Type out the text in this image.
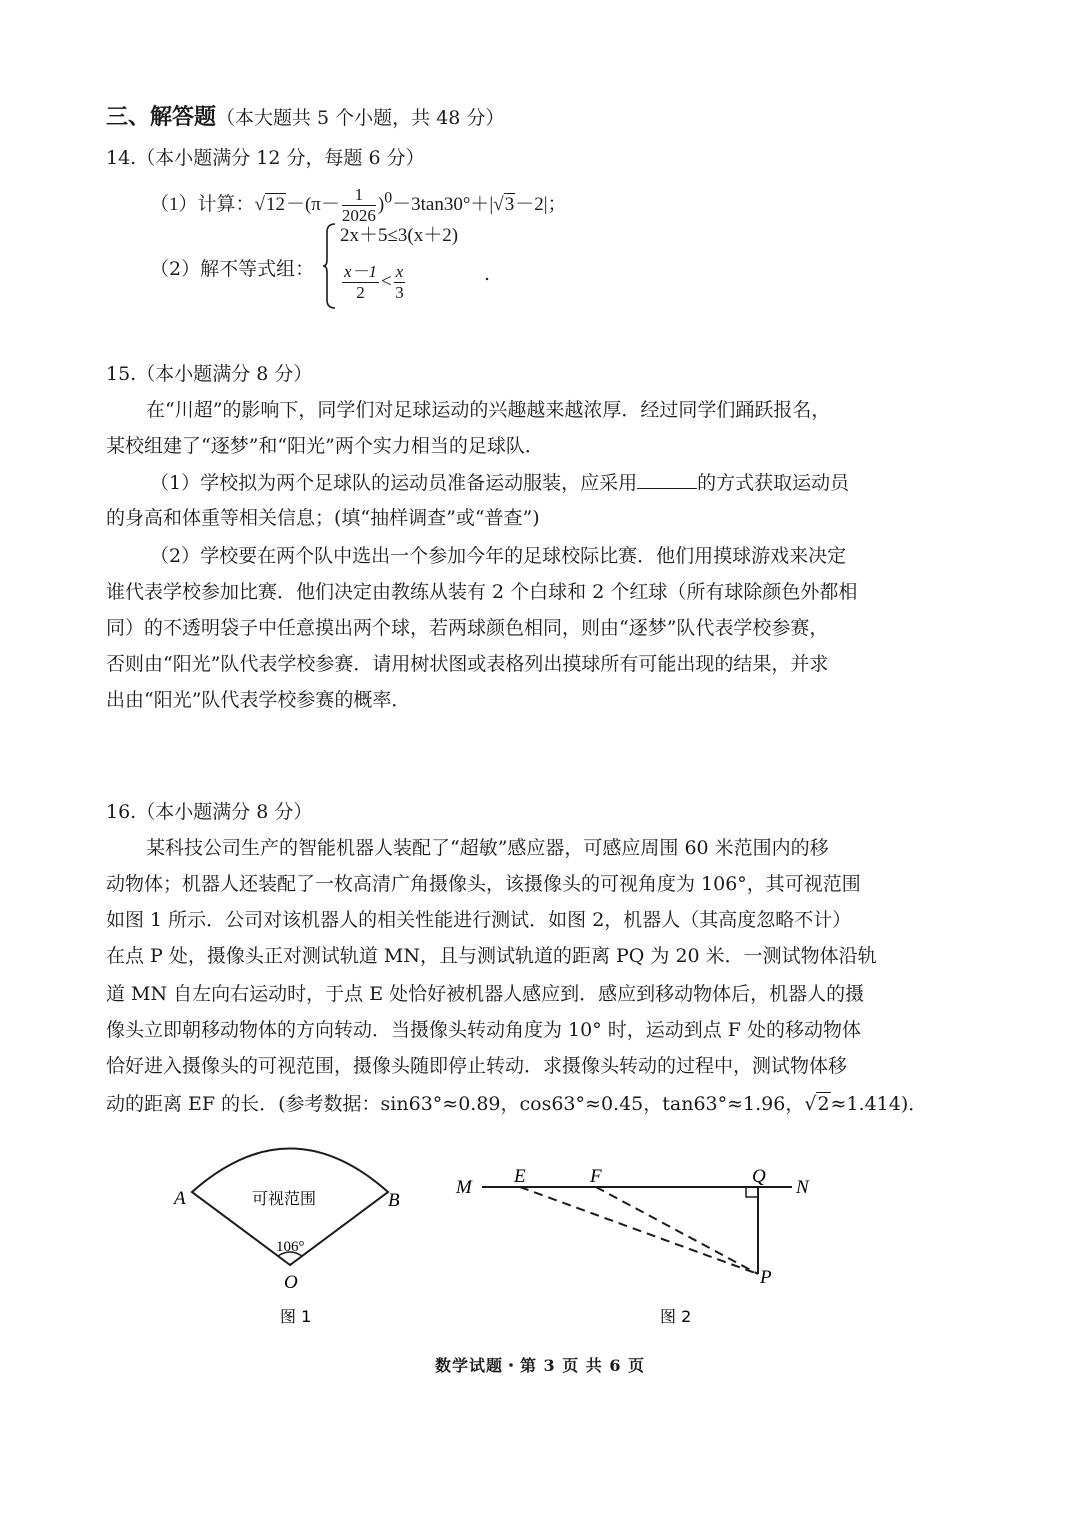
三、解答题（本大题共 5 个小题，共 48 分）
14.（本小题满分 12 分，每题 6 分）
（1）计算：$√12-(\pi- \frac{1}{2026} )^0-3\tan 30^\circ+|√3-2|$；
（2）解不等式组：
2x＋5≤3(x＋2)
$\frac{x-1}{2} < \frac{x}{3}$	.
15.（本小题满分 8 分）
在“川超”的影响下，同学们对足球运动的兴趣越来越浓厚．经过同学们踊跃报名，
某校组建了“逐梦”和“阳光”两个实力相当的足球队．
（1）学校拟为两个足球队的运动员准备运动服装，应采用	的方式获取运动员
的身高和体重等相关信息；(填“抽样调查”或“普查”)
（2）学校要在两个队中选出一个参加今年的足球校际比赛．他们用摸球游戏来决定
谁代表学校参加比赛．他们决定由教练从装有 2 个白球和 2 个红球（所有球除颜色外都相
同）的不透明袋子中任意摸出两个球，若两球颜色相同，则由“逐梦”队代表学校参赛，
否则由“阳光”队代表学校参赛．请用树状图或表格列出摸球所有可能出现的结果，并求
出由“阳光”队代表学校参赛的概率．
16.（本小题满分 8 分）
某科技公司生产的智能机器人装配了“超敏”感应器，可感应周围 60 米范围内的移
动物体；机器人还装配了一枚高清广角摄像头，该摄像头的可视角度为 106°，其可视范围
如图 1 所示．公司对该机器人的相关性能进行测试．如图 2，机器人（其高度忽略不计）
在点 P 处，摄像头正对测试轨道 MN，且与测试轨道的距离 PQ 为 20 米．一测试物体沿轨
道 MN 自左向右运动时，于点 E 处恰好被机器人感应到．感应到移动物体后，机器人的摄
像头立即朝移动物体的方向转动．当摄像头转动角度为 10° 时，运动到点 F 处的移动物体
恰好进入摄像头的可视范围，摄像头随即停止转动．求摄像头转动的过程中，测试物体移
动的距离 EF 的长．(参考数据：sin63°≈0.89，cos63°≈0.45，tan63°≈1.96，√2≈1.414)．
A	B
O
106°
可视范围
图 1
M
E	F	Q
N
P
图 2
数学试题・第 3 页 共 6 页
